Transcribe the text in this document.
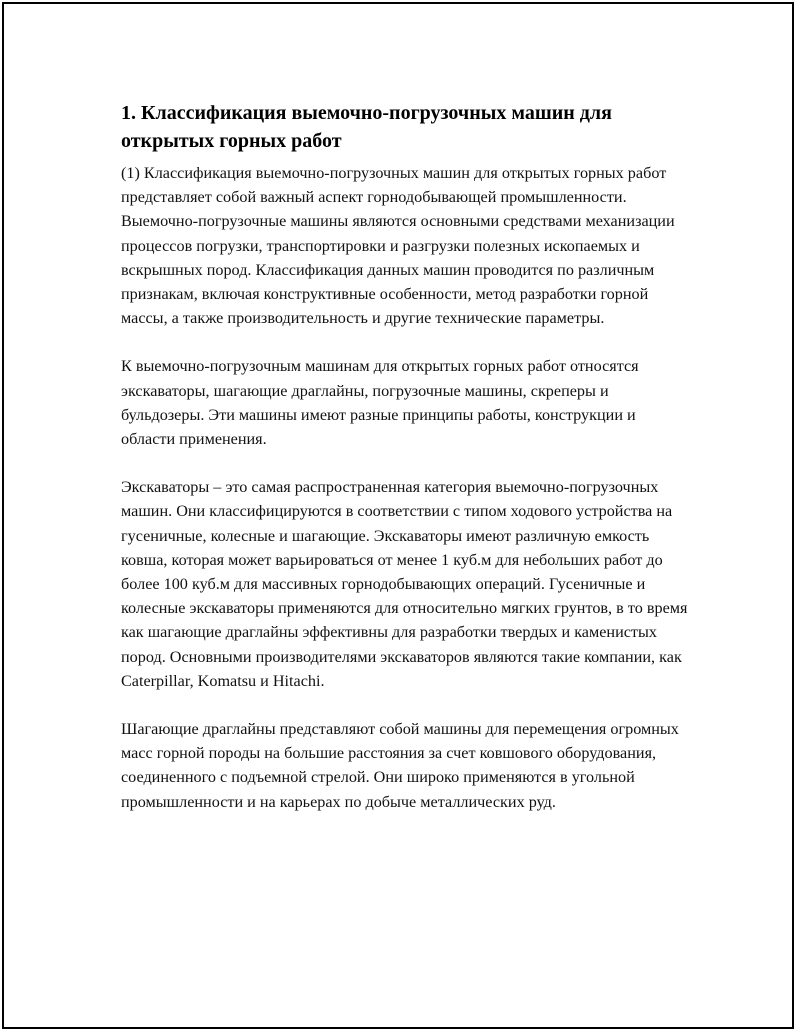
1. Классификация выемочно-погрузочных машин для открытых горных работ

(1) Классификация выемочно-погрузочных машин для открытых горных работ представляет собой важный аспект горнодобывающей промышленности. Выемочно-погрузочные машины являются основными средствами механизации процессов погрузки, транспортировки и разгрузки полезных ископаемых и вскрышных пород. Классификация данных машин проводится по различным признакам, включая конструктивные особенности, метод разработки горной массы, а также производительность и другие технические параметры.

К выемочно-погрузочным машинам для открытых горных работ относятся экскаваторы, шагающие драглайны, погрузочные машины, скреперы и бульдозеры. Эти машины имеют разные принципы работы, конструкции и области применения.

Экскаваторы – это самая распространенная категория выемочно-погрузочных машин. Они классифицируются в соответствии с типом ходового устройства на гусеничные, колесные и шагающие. Экскаваторы имеют различную емкость ковша, которая может варьироваться от менее 1 куб.м для небольших работ до более 100 куб.м для массивных горнодобывающих операций. Гусеничные и колесные экскаваторы применяются для относительно мягких грунтов, в то время как шагающие драглайны эффективны для разработки твердых и каменистых пород. Основными производителями экскаваторов являются такие компании, как Caterpillar, Komatsu и Hitachi.

Шагающие драглайны представляют собой машины для перемещения огромных масс горной породы на большие расстояния за счет ковшового оборудования, соединенного с подъемной стрелой. Они широко применяются в угольной промышленности и на карьерах по добыче металлических руд.
